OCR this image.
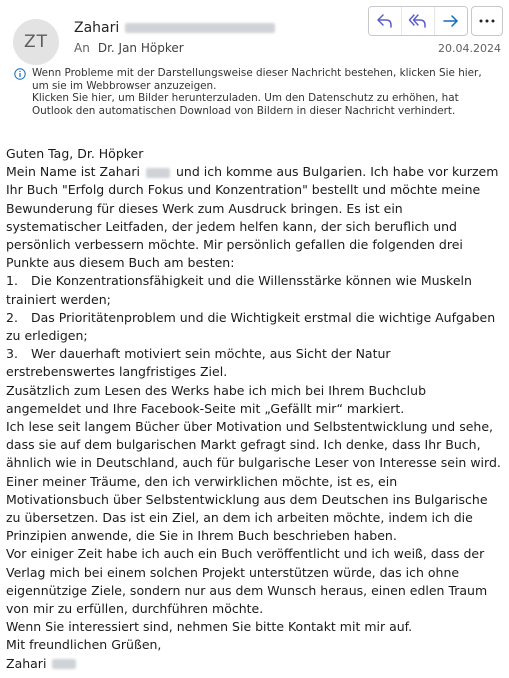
ZT
Zahari
An Dr. Jan Höpker	20.04.2024

Wenn Probleme mit der Darstellungsweise dieser Nachricht bestehen, klicken Sie hier, um sie im Webbrowser anzuzeigen.

Klicken Sie hier, um Bilder herunterzuladen. Um den Datenschutz zu erhöhen, hat Outlook den automatischen Download von Bildern in dieser Nachricht verhindert.

Guten Tag, Dr. Höpker

Mein Name ist Zahari	und ich komme aus Bulgarien. Ich habe vor kurzem Ihr Buch "Erfolg durch Fokus und Konzentration" bestellt und möchte meine Bewunderung für dieses Werk zum Ausdruck bringen. Es ist ein systematischer Leitfaden, der jedem helfen kann, der sich beruflich und persönlich verbessern möchte. Mir persönlich gefallen die folgenden drei Punkte aus diesem Buch am besten:

1. Die Konzentrationsfähigkeit und die Willensstärke können wie Muskeln trainiert werden;

2. Das Prioritätenproblem und die Wichtigkeit erstmal die wichtige Aufgaben zu erledigen;

3. Wer dauerhaft motiviert sein möchte, aus Sicht der Natur erstrebenswertes langfristiges Ziel.

Zusätzlich zum Lesen des Werks habe ich mich bei Ihrem Buchclub angemeldet und Ihre Facebook-Seite mit „Gefällt mir“ markiert.

Ich lese seit langem Bücher über Motivation und Selbstentwicklung und sehe, dass sie auf dem bulgarischen Markt gefragt sind. Ich denke, dass Ihr Buch, ähnlich wie in Deutschland, auch für bulgarische Leser von Interesse sein wird.

Einer meiner Träume, den ich verwirklichen möchte, ist es, ein Motivationsbuch über Selbstentwicklung aus dem Deutschen ins Bulgarische zu übersetzen. Das ist ein Ziel, an dem ich arbeiten möchte, indem ich die Prinzipien anwende, die Sie in Ihrem Buch beschrieben haben.

Vor einiger Zeit habe ich auch ein Buch veröffentlicht und ich weiß, dass der Verlag mich bei einem solchen Projekt unterstützen würde, das ich ohne eigennützige Ziele, sondern nur aus dem Wunsch heraus, einen edlen Traum von mir zu erfüllen, durchführen möchte.

Wenn Sie interessiert sind, nehmen Sie bitte Kontakt mit mir auf.

Mit freundlichen Grüßen,

Zahari
